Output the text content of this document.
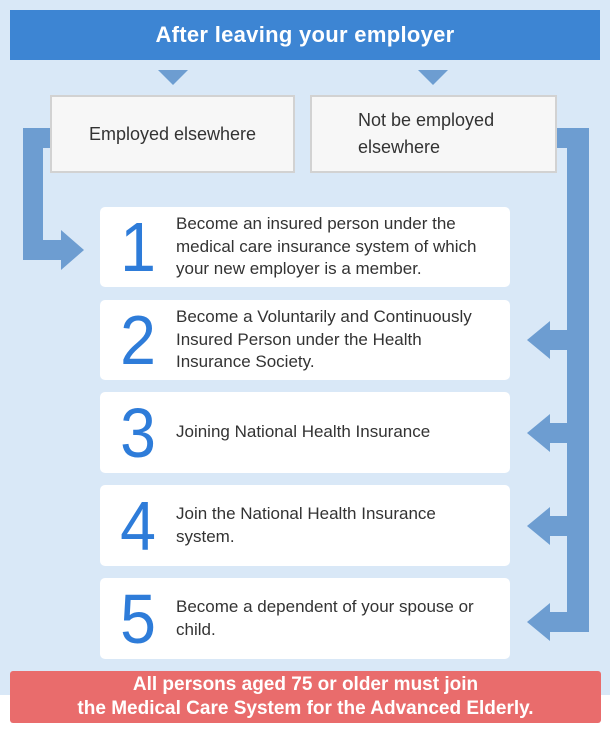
After leaving your employer
Employed elsewhere
Not be employed elsewhere
1	Become an insured person under the medical care insurance system of which your new employer is a member.
2	Become a Voluntarily and Continuously Insured Person under the Health Insurance Society.
3	Joining National Health Insurance
4	Join the National Health Insurance system.
5	Become a dependent of your spouse or child.
All persons aged 75 or older must join
the Medical Care System for the Advanced Elderly.
